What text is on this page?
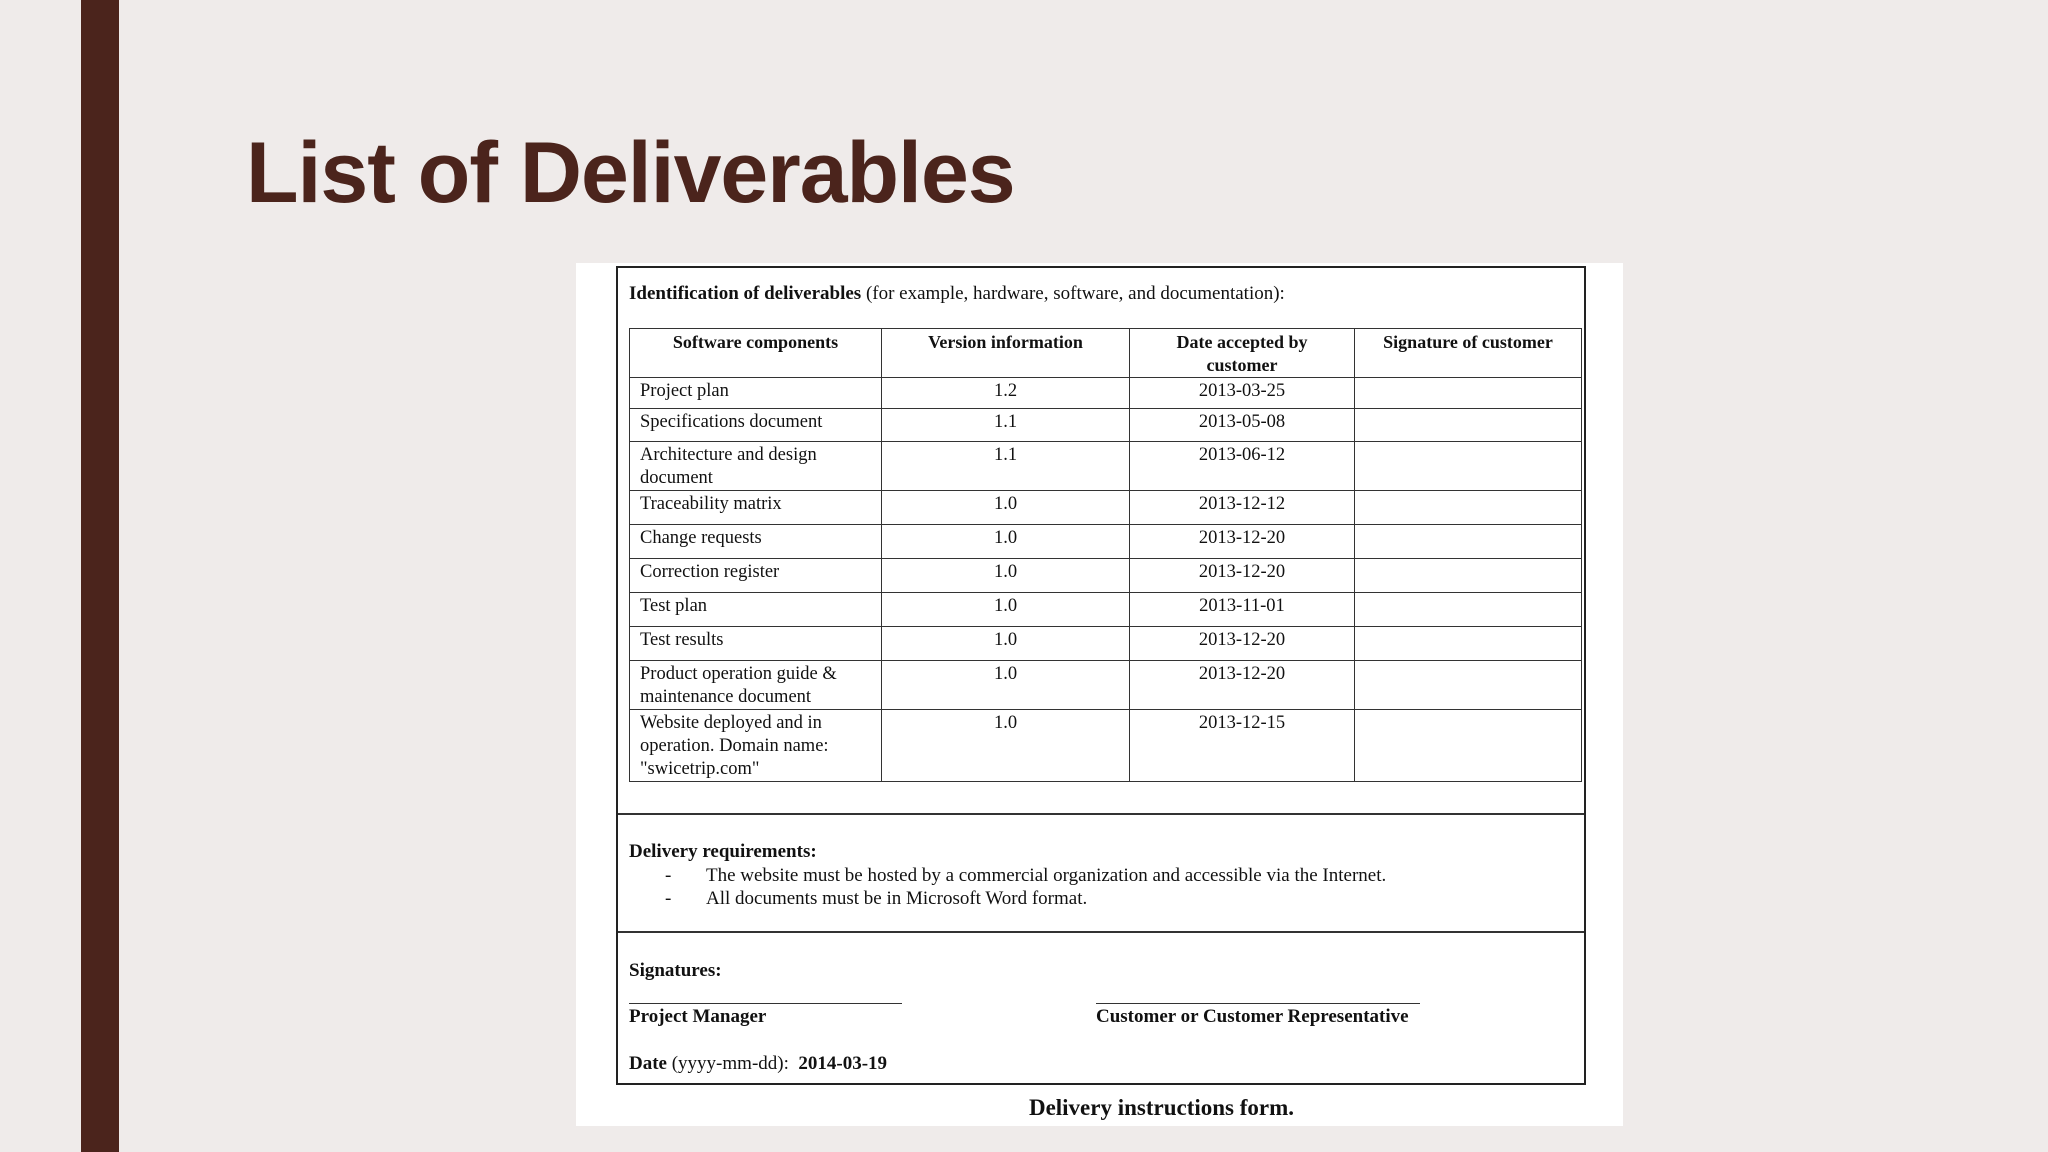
List of Deliverables
Identification of deliverables (for example, hardware, software, and documentation):
Software components	Version information	Date accepted by customer	Signature of customer
Project plan	1.2	2013-03-25	
Specifications document	1.1	2013-05-08	
Architecture and design document	1.1	2013-06-12	
Traceability matrix	1.0	2013-12-12	
Change requests	1.0	2013-12-20	
Correction register	1.0	2013-12-20	
Test plan	1.0	2013-11-01	
Test results	1.0	2013-12-20	
Product operation guide & maintenance document	1.0	2013-12-20	
Website deployed and in operation. Domain name: "swicetrip.com"	1.0	2013-12-15	
Delivery requirements:
- The website must be hosted by a commercial organization and accessible via the Internet.
- All documents must be in Microsoft Word format.
Signatures:
Project Manager	Customer or Customer Representative
Date (yyyy-mm-dd): 2014-03-19
Delivery instructions form.
